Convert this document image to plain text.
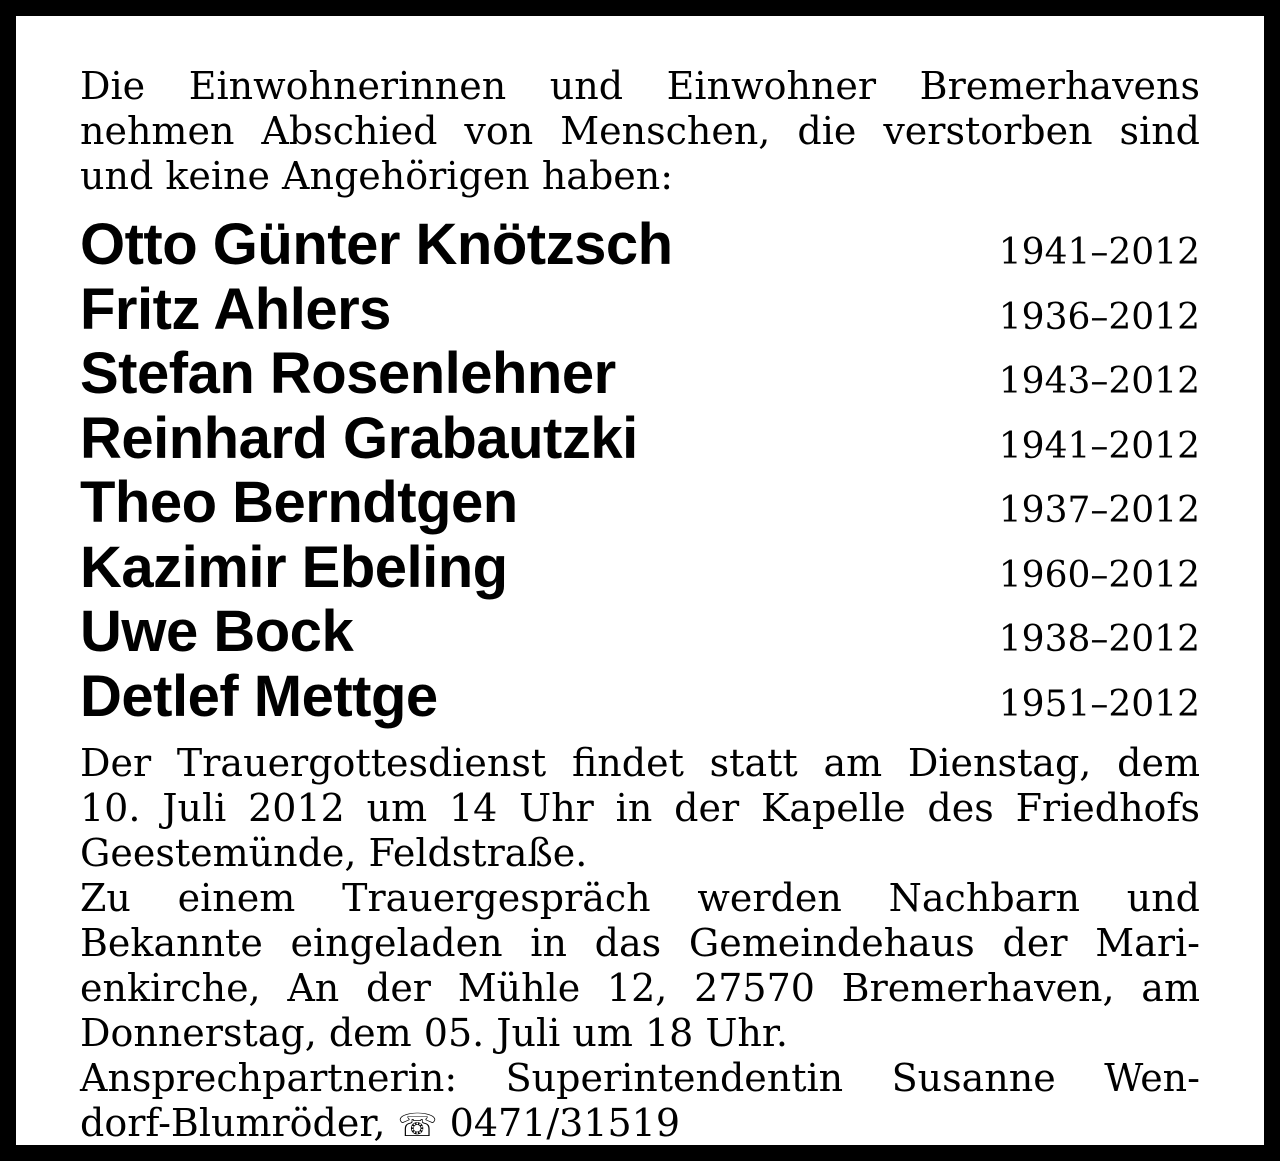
Die Einwohnerinnen und Einwohner Bremerhavens

nehmen Abschied von Menschen, die verstorben sind

und keine Angehörigen haben:

Otto Günter Knötzsch	1941–2012
Fritz Ahlers	1936–2012
Stefan Rosenlehner	1943–2012
Reinhard Grabautzki	1941–2012
Theo Berndtgen	1937–2012
Kazimir Ebeling	1960–2012
Uwe Bock	1938–2012
Detlef Mettge	1951–2012

Der Trauergottesdienst findet statt am Dienstag, dem

10. Juli 2012 um 14 Uhr in der Kapelle des Friedhofs

Geestemünde, Feldstraße.

Zu einem Trauergespräch werden Nachbarn und

Bekannte eingeladen in das Gemeindehaus der Mari-

enkirche, An der Mühle 12, 27570 Bremerhaven, am

Donnerstag, dem 05. Juli um 18 Uhr.

Ansprechpartnerin: Superintendentin Susanne Wen-

dorf-Blumröder, ☏ 0471/31519
